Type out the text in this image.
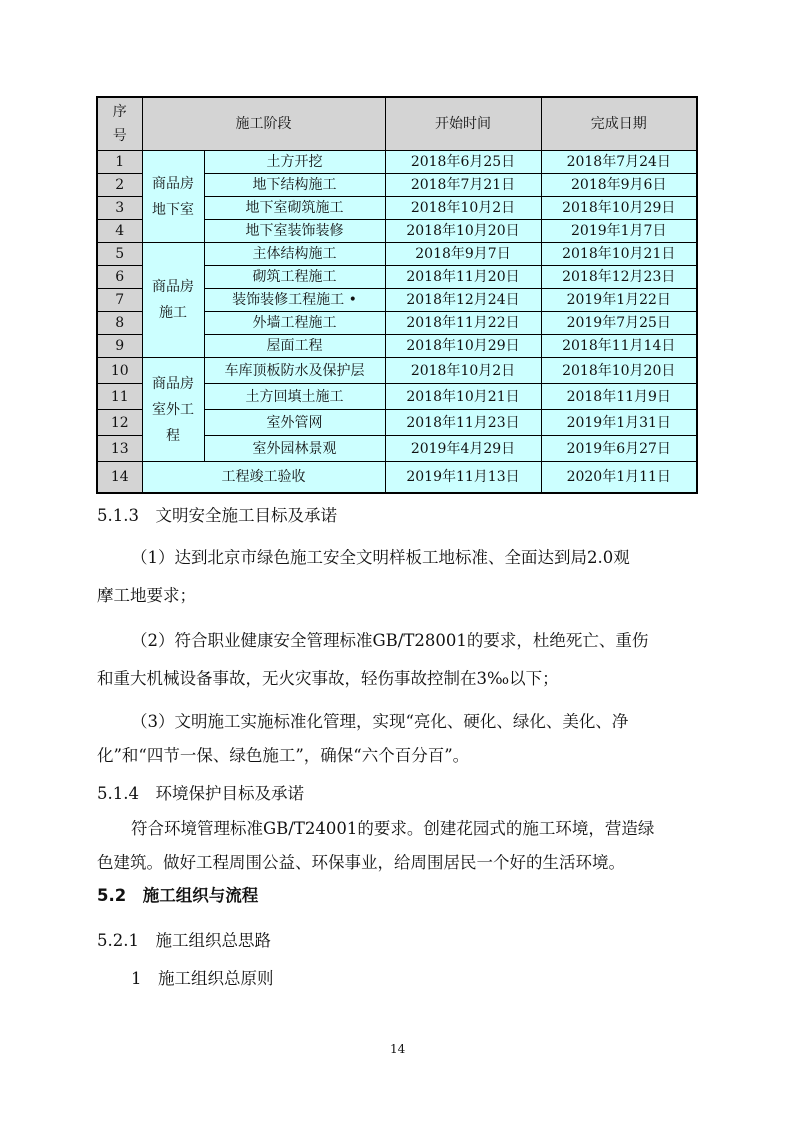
序号	施工阶段		开始时间	完成日期
1	商品房地下室	土方开挖	2018年6月25日	2018年7月24日
2		地下结构施工	2018年7月21日	2018年9月6日
3		地下室砌筑施工	2018年10月2日	2018年10月29日
4		地下室装饰装修	2018年10月20日	2019年1月7日
5	商品房施工	主体结构施工	2018年9月7日	2018年10月21日
6		砌筑工程施工	2018年11月20日	2018年12月23日
7		装饰装修工程施工 •	2018年12月24日	2019年1月22日
8		外墙工程施工	2018年11月22日	2019年7月25日
9		屋面工程	2018年10月29日	2018年11月14日
10	商品房室外工程	车库顶板防水及保护层	2018年10月2日	2018年10月20日
11		土方回填土施工	2018年10月21日	2018年11月9日
12		室外管网	2018年11月23日	2019年1月31日
13		室外园林景观	2019年4月29日	2019年6月27日
14	工程竣工验收		2019年11月13日	2020年1月11日
5.1.3　文明安全施工目标及承诺
（1）达到北京市绿色施工安全文明样板工地标准、全面达到局2.0观
摩工地要求；
（2）符合职业健康安全管理标准GB/T28001的要求，杜绝死亡、重伤
和重大机械设备事故，无火灾事故，轻伤事故控制在3‰以下；
（3）文明施工实施标准化管理，实现“亮化、硬化、绿化、美化、净
化”和“四节一保、绿色施工”，确保“六个百分百”。
5.1.4　环境保护目标及承诺
符合环境管理标准GB/T24001的要求。创建花园式的施工环境，营造绿
色建筑。做好工程周围公益、环保事业，给周围居民一个好的生活环境。
5.2　施工组织与流程
5.2.1　施工组织总思路
1　施工组织总原则
14
